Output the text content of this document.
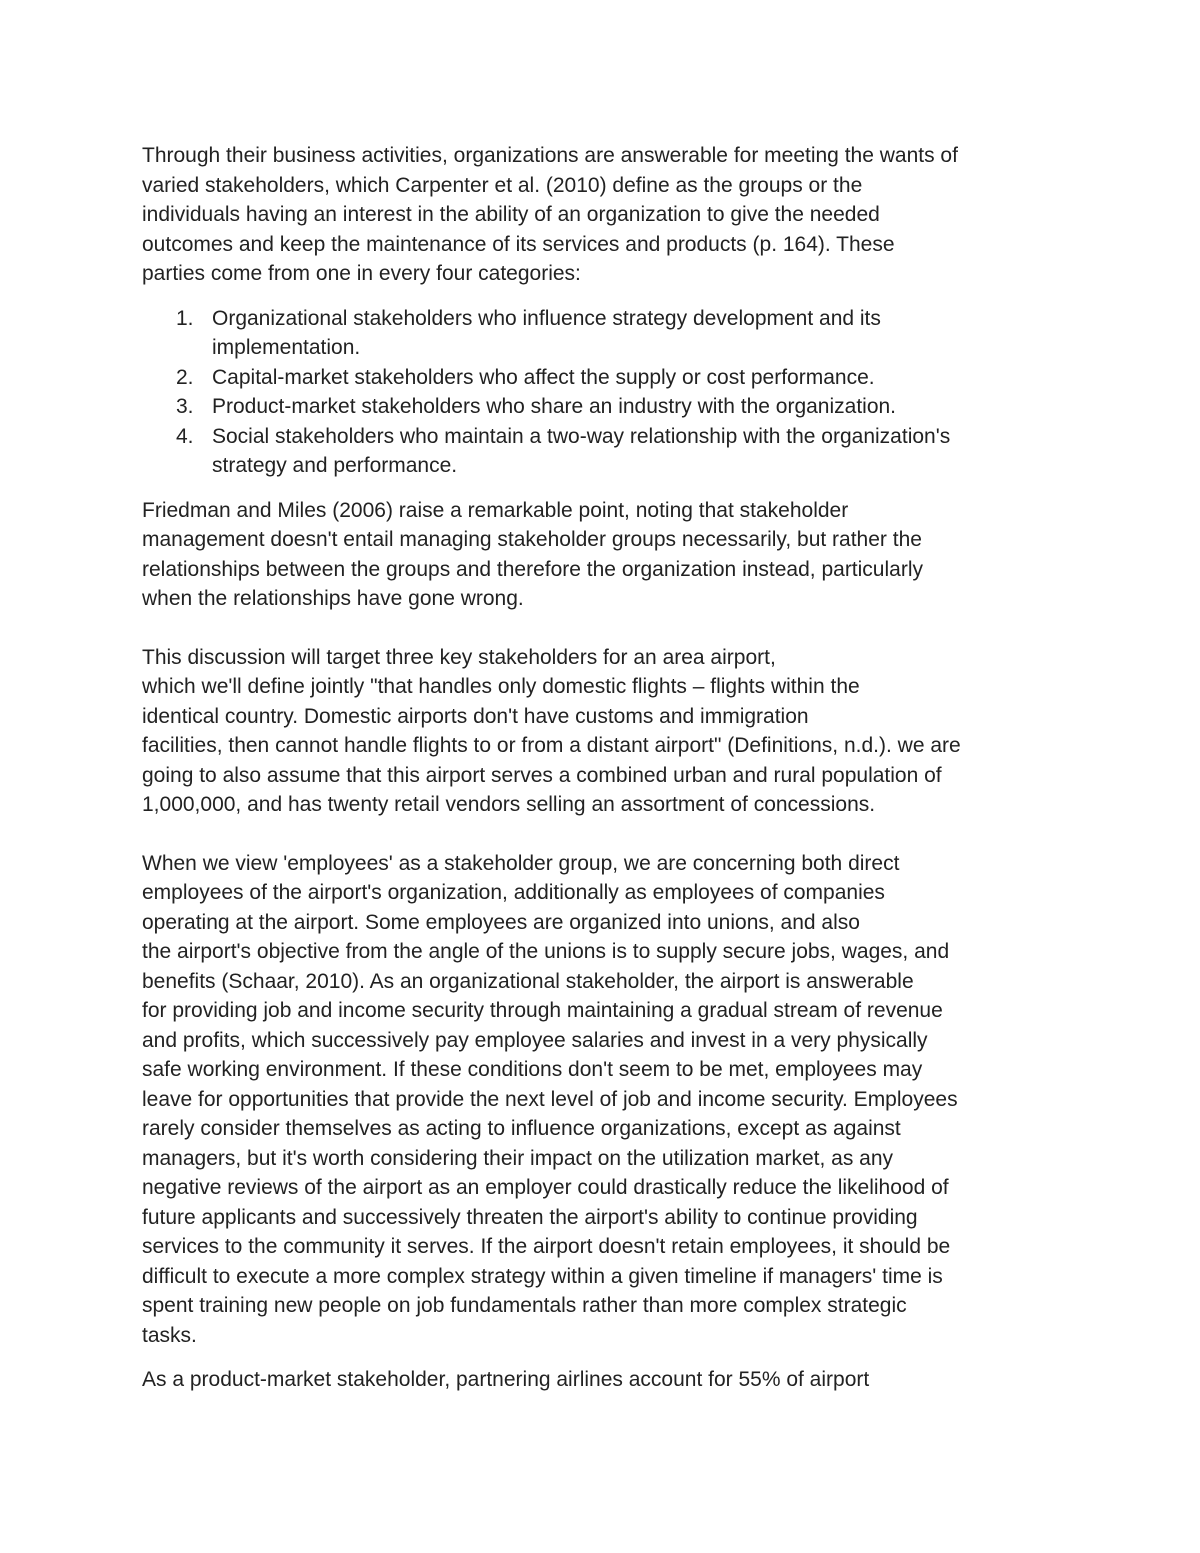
Through their business activities, organizations are answerable for meeting the wants of
varied stakeholders, which Carpenter et al. (2010) define as the groups or the
individuals having an interest in the ability of an organization to give the needed
outcomes and keep the maintenance of its services and products (p. 164). These
parties come from one in every four categories:
1. Organizational stakeholders who influence strategy development and its
implementation.
2. Capital-market stakeholders who affect the supply or cost performance.
3. Product-market stakeholders who share an industry with the organization.
4. Social stakeholders who maintain a two-way relationship with the organization's
strategy and performance.
Friedman and Miles (2006) raise a remarkable point, noting that stakeholder
management doesn't entail managing stakeholder groups necessarily, but rather the
relationships between the groups and therefore the organization instead, particularly
when the relationships have gone wrong.
This discussion will target three key stakeholders for an area airport,
which we'll define jointly "that handles only domestic flights – flights within the
identical country. Domestic airports don't have customs and immigration
facilities, then cannot handle flights to or from a distant airport" (Definitions, n.d.). we are
going to also assume that this airport serves a combined urban and rural population of
1,000,000, and has twenty retail vendors selling an assortment of concessions.
When we view 'employees' as a stakeholder group, we are concerning both direct
employees of the airport's organization, additionally as employees of companies
operating at the airport. Some employees are organized into unions, and also
the airport's objective from the angle of the unions is to supply secure jobs, wages, and
benefits (Schaar, 2010). As an organizational stakeholder, the airport is answerable
for providing job and income security through maintaining a gradual stream of revenue
and profits, which successively pay employee salaries and invest in a very physically
safe working environment. If these conditions don't seem to be met, employees may
leave for opportunities that provide the next level of job and income security. Employees
rarely consider themselves as acting to influence organizations, except as against
managers, but it's worth considering their impact on the utilization market, as any
negative reviews of the airport as an employer could drastically reduce the likelihood of
future applicants and successively threaten the airport's ability to continue providing
services to the community it serves. If the airport doesn't retain employees, it should be
difficult to execute a more complex strategy within a given timeline if managers' time is
spent training new people on job fundamentals rather than more complex strategic
tasks.
As a product-market stakeholder, partnering airlines account for 55% of airport
